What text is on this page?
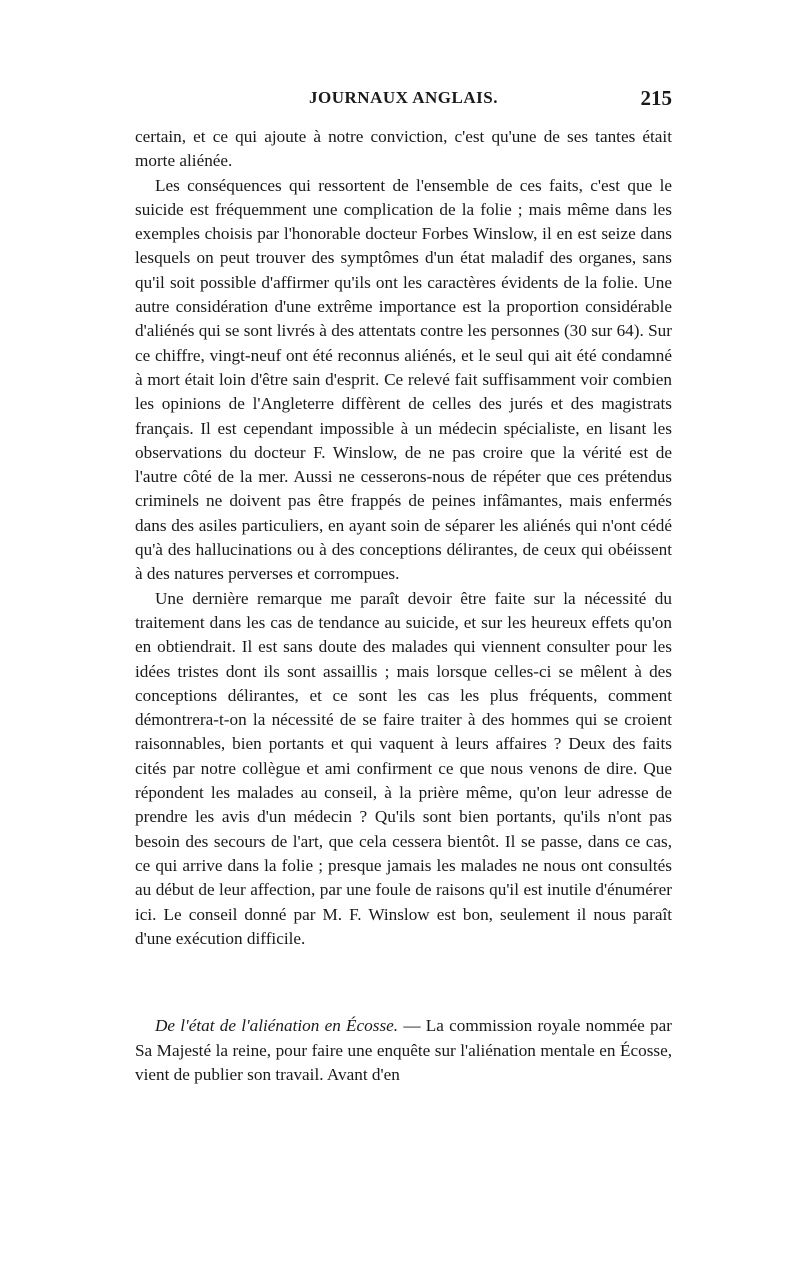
JOURNAUX ANGLAIS.	215

certain, et ce qui ajoute à notre conviction, c'est qu'une de ses tantes était morte aliénée.

Les conséquences qui ressortent de l'ensemble de ces faits, c'est que le suicide est fréquemment une complication de la folie ; mais même dans les exemples choisis par l'honorable docteur Forbes Winslow, il en est seize dans lesquels on peut trouver des symptômes d'un état maladif des organes, sans qu'il soit possible d'affirmer qu'ils ont les caractères évidents de la folie. Une autre considération d'une extrême importance est la proportion considérable d'aliénés qui se sont livrés à des attentats contre les personnes (30 sur 64). Sur ce chiffre, vingt-neuf ont été reconnus aliénés, et le seul qui ait été condamné à mort était loin d'être sain d'esprit. Ce relevé fait suffisamment voir combien les opinions de l'Angleterre diffèrent de celles des jurés et des magistrats français. Il est cependant impossible à un médecin spécialiste, en lisant les observations du docteur F. Winslow, de ne pas croire que la vérité est de l'autre côté de la mer. Aussi ne cesserons-nous de répéter que ces prétendus criminels ne doivent pas être frappés de peines infâmantes, mais enfermés dans des asiles particuliers, en ayant soin de séparer les aliénés qui n'ont cédé qu'à des hallucinations ou à des conceptions délirantes, de ceux qui obéissent à des natures perverses et corrompues.

Une dernière remarque me paraît devoir être faite sur la nécessité du traitement dans les cas de tendance au suicide, et sur les heureux effets qu'on en obtiendrait. Il est sans doute des malades qui viennent consulter pour les idées tristes dont ils sont assaillis ; mais lorsque celles-ci se mêlent à des conceptions délirantes, et ce sont les cas les plus fréquents, comment démontrera-t-on la nécessité de se faire traiter à des hommes qui se croient raisonnables, bien portants et qui vaquent à leurs affaires ? Deux des faits cités par notre collègue et ami confirment ce que nous venons de dire. Que répondent les malades au conseil, à la prière même, qu'on leur adresse de prendre les avis d'un médecin ? Qu'ils sont bien portants, qu'ils n'ont pas besoin des secours de l'art, que cela cessera bientôt. Il se passe, dans ce cas, ce qui arrive dans la folie ; presque jamais les malades ne nous ont consultés au début de leur affection, par une foule de raisons qu'il est inutile d'énumérer ici. Le conseil donné par M. F. Winslow est bon, seulement il nous paraît d'une exécution difficile.

De l'état de l'aliénation en Écosse. — La commission royale nommée par Sa Majesté la reine, pour faire une enquête sur l'aliénation mentale en Écosse, vient de publier son travail. Avant d'en
